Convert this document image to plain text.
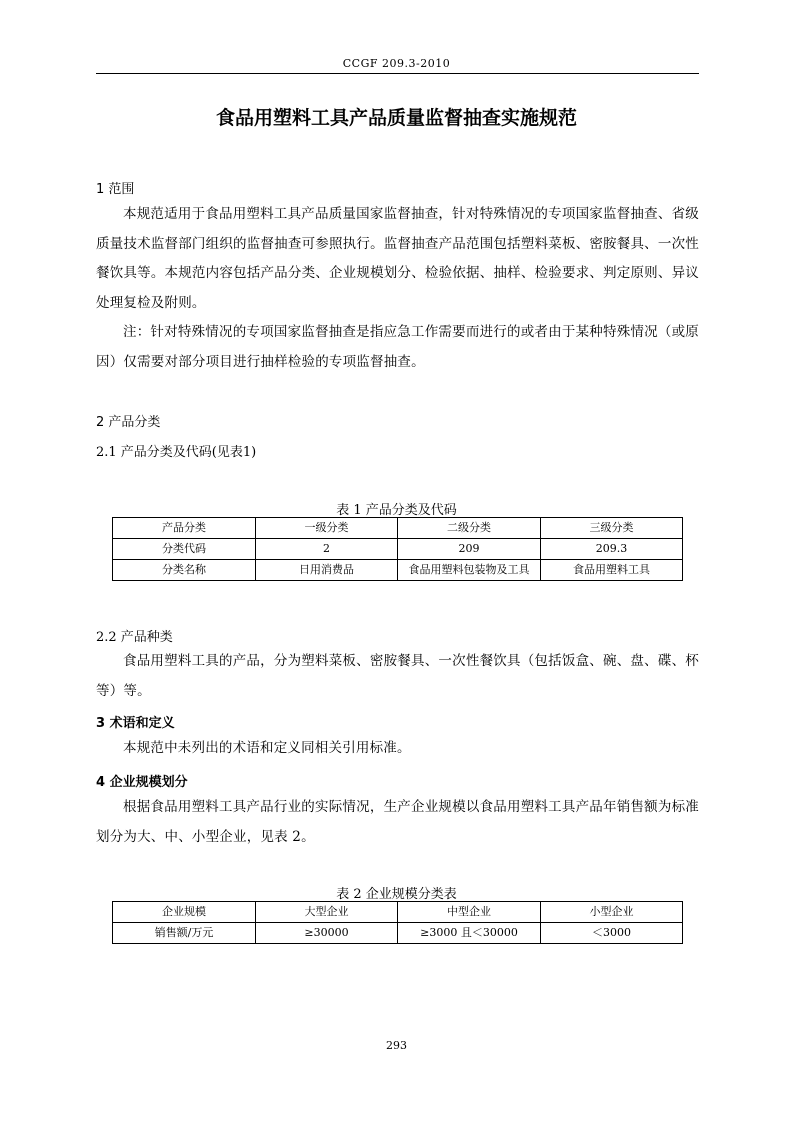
CCGF 209.3-2010
食品用塑料工具产品质量监督抽查实施规范
1 范围

本规范适用于食品用塑料工具产品质量国家监督抽查，针对特殊情况的专项国家监督抽查、省级质量技术监督部门组织的监督抽查可参照执行。监督抽查产品范围包括塑料菜板、密胺餐具、一次性餐饮具等。本规范内容包括产品分类、企业规模划分、检验依据、抽样、检验要求、判定原则、异议处理复检及附则。

注：针对特殊情况的专项国家监督抽查是指应急工作需要而进行的或者由于某种特殊情况（或原因）仅需要对部分项目进行抽样检验的专项监督抽查。

2 产品分类
2.1 产品分类及代码(见表1)
表 1 产品分类及代码
产品分类	一级分类	二级分类	三级分类
分类代码	2	209	209.3
分类名称	日用消费品	食品用塑料包装物及工具	食品用塑料工具
2.2 产品种类

食品用塑料工具的产品，分为塑料菜板、密胺餐具、一次性餐饮具（包括饭盒、碗、盘、碟、杯等）等。

3 术语和定义

本规范中未列出的术语和定义同相关引用标准。

4 企业规模划分

根据食品用塑料工具产品行业的实际情况，生产企业规模以食品用塑料工具产品年销售额为标准划分为大、中、小型企业，见表 2。

表 2 企业规模分类表
企业规模	大型企业	中型企业	小型企业
销售额/万元	≥30000	≥3000 且＜30000	＜3000
293
